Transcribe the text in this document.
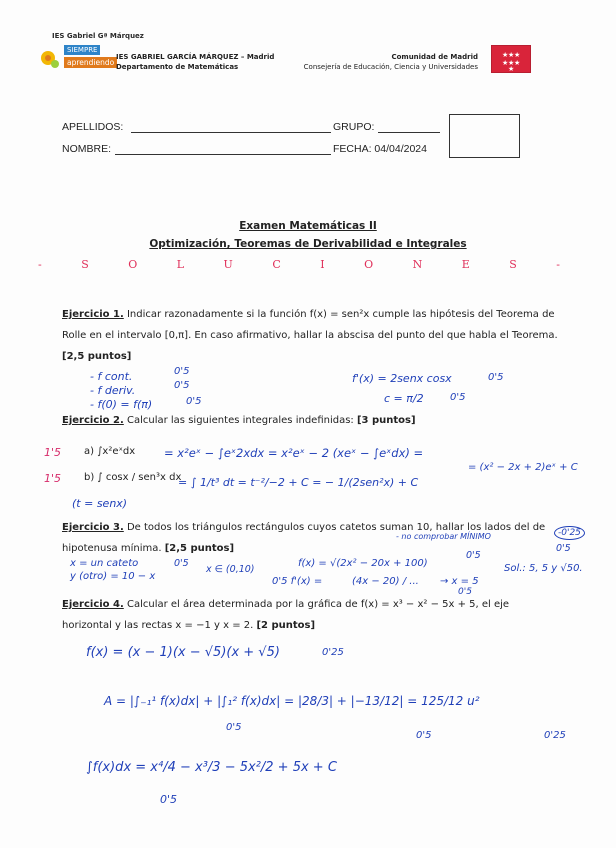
IES Gabriel Gª Márquez
SIEMPRE
aprendiendo
IES GABRIEL GARCÍA MÁRQUEZ – Madrid
Departamento de Matemáticas
Comunidad de Madrid
Consejería de Educación, Ciencia y Universidades
★ ★ ★
★ ★ ★
★
APELLIDOS:	GRUPO:
NOMBRE:	FECHA: 04/04/2024
Examen Matemáticas II
Optimización, Teoremas de Derivabilidad e Integrales
- S O L U C I O N E S -
Ejercicio 1. Indicar razonadamente si la función f(x) = sen²x cumple las hipótesis del Teorema de Rolle en el intervalo [0,π]. En caso afirmativo, hallar la abscisa del punto del que habla el Teorema. [2,5 puntos]
- f cont.
- f deriv.
- f(0) = f(π)
0'5
0'5
0'5
f'(x) = 2senx cosx	0'5
c = π/2	0'5
Ejercicio 2. Calcular las siguientes integrales indefinidas: [3 puntos]
1'5 a) ∫x²eˣdx	= x²eˣ − ∫eˣ2xdx = x²eˣ − 2 (xeˣ − ∫eˣdx) =
= (x² − 2x + 2)eˣ + C
1'5 b) ∫ cosx / sen³x dx
= ∫ 1/t³ dt = t⁻²/−2 + C = − 1/(2sen²x) + C
(t = senx)
Ejercicio 3. De todos los triángulos rectángulos cuyos catetos suman 10, hallar los lados del de hipotenusa mínima. [2,5 puntos]
- no comprobar MÍNIMO	-0'25
x = un cateto
y (otro) = 10 − x
0'5
x ∈ (0,10)
f(x) = √(2x² − 20x + 100)
0'5
0'5 f'(x) =	(4x − 20) / ... → x = 5
0'5
0'5
Sol.: 5, 5 y √50.
Ejercicio 4. Calcular el área determinada por la gráfica de f(x) = x³ − x² − 5x + 5, el eje horizontal y las rectas x = −1 y x = 2. [2 puntos]
f(x) = (x − 1)(x − √5)(x + √5)	0'25
A = |∫₋₁¹ f(x)dx| + |∫₁² f(x)dx| = |28/3| + |−13/12| = 125/12 u²
0'5
0'5	0'25
∫f(x)dx = x⁴/4 − x³/3 − 5x²/2 + 5x + C
0'5
